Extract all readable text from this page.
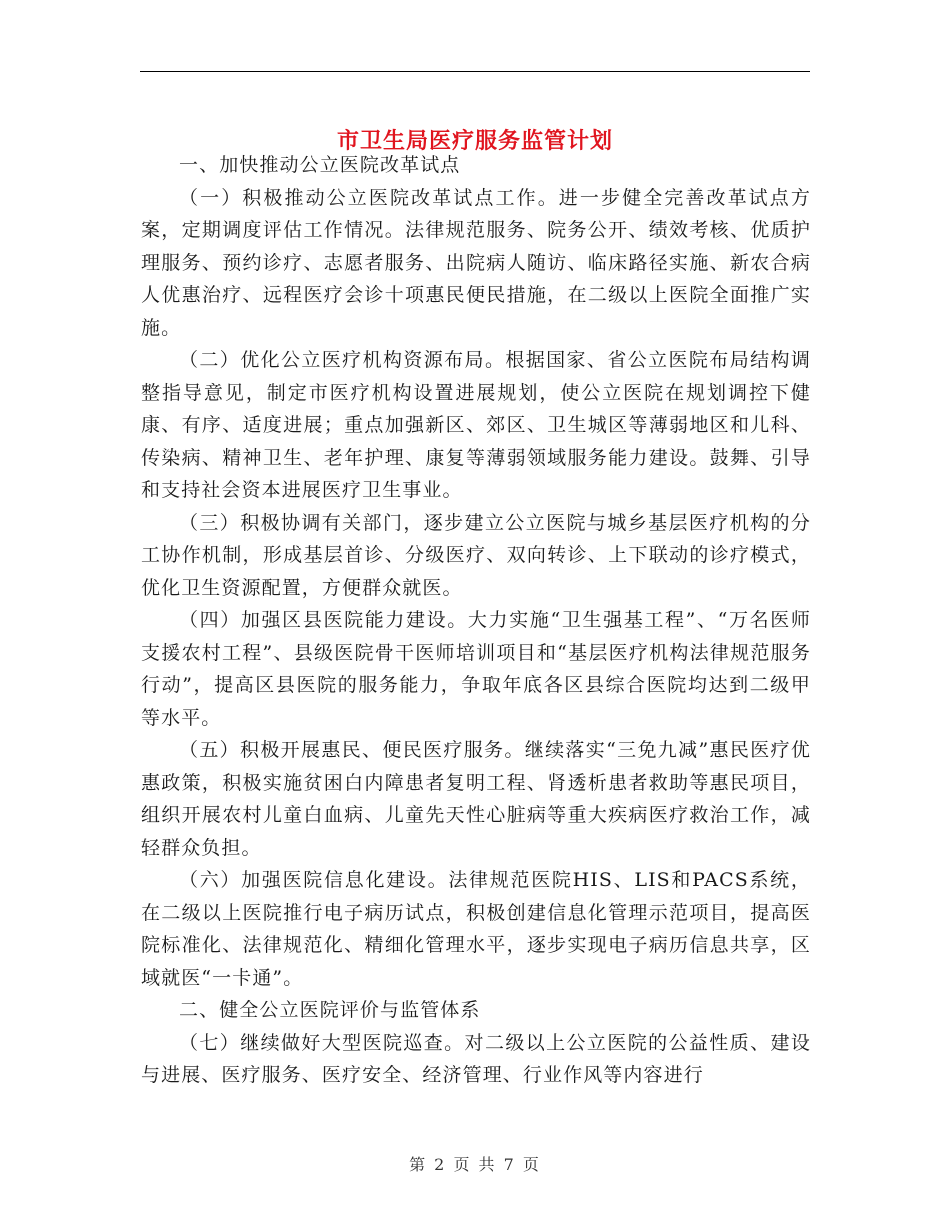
市卫生局医疗服务监管计划

一、加快推动公立医院改革试点

（一）积极推动公立医院改革试点工作。进一步健全完善改革试点方案，定期调度评估工作情况。法律规范服务、院务公开、绩效考核、优质护理服务、预约诊疗、志愿者服务、出院病人随访、临床路径实施、新农合病人优惠治疗、远程医疗会诊十项惠民便民措施，在二级以上医院全面推广实施。

（二）优化公立医疗机构资源布局。根据国家、省公立医院布局结构调整指导意见，制定市医疗机构设置进展规划，使公立医院在规划调控下健康、有序、适度进展；重点加强新区、郊区、卫生城区等薄弱地区和儿科、传染病、精神卫生、老年护理、康复等薄弱领域服务能力建设。鼓舞、引导和支持社会资本进展医疗卫生事业。

（三）积极协调有关部门，逐步建立公立医院与城乡基层医疗机构的分工协作机制，形成基层首诊、分级医疗、双向转诊、上下联动的诊疗模式，优化卫生资源配置，方便群众就医。

（四）加强区县医院能力建设。大力实施“卫生强基工程”、“万名医师支援农村工程”、县级医院骨干医师培训项目和“基层医疗机构法律规范服务行动”，提高区县医院的服务能力，争取年底各区县综合医院均达到二级甲等水平。

（五）积极开展惠民、便民医疗服务。继续落实“三免九减”惠民医疗优惠政策，积极实施贫困白内障患者复明工程、肾透析患者救助等惠民项目，组织开展农村儿童白血病、儿童先天性心脏病等重大疾病医疗救治工作，减轻群众负担。

（六）加强医院信息化建设。法律规范医院HIS、LIS和PACS系统，在二级以上医院推行电子病历试点，积极创建信息化管理示范项目，提高医院标准化、法律规范化、精细化管理水平，逐步实现电子病历信息共享，区域就医“一卡通”。

二、健全公立医院评价与监管体系

（七）继续做好大型医院巡查。对二级以上公立医院的公益性质、建设与进展、医疗服务、医疗安全、经济管理、行业作风等内容进行

第 2 页 共 7 页
